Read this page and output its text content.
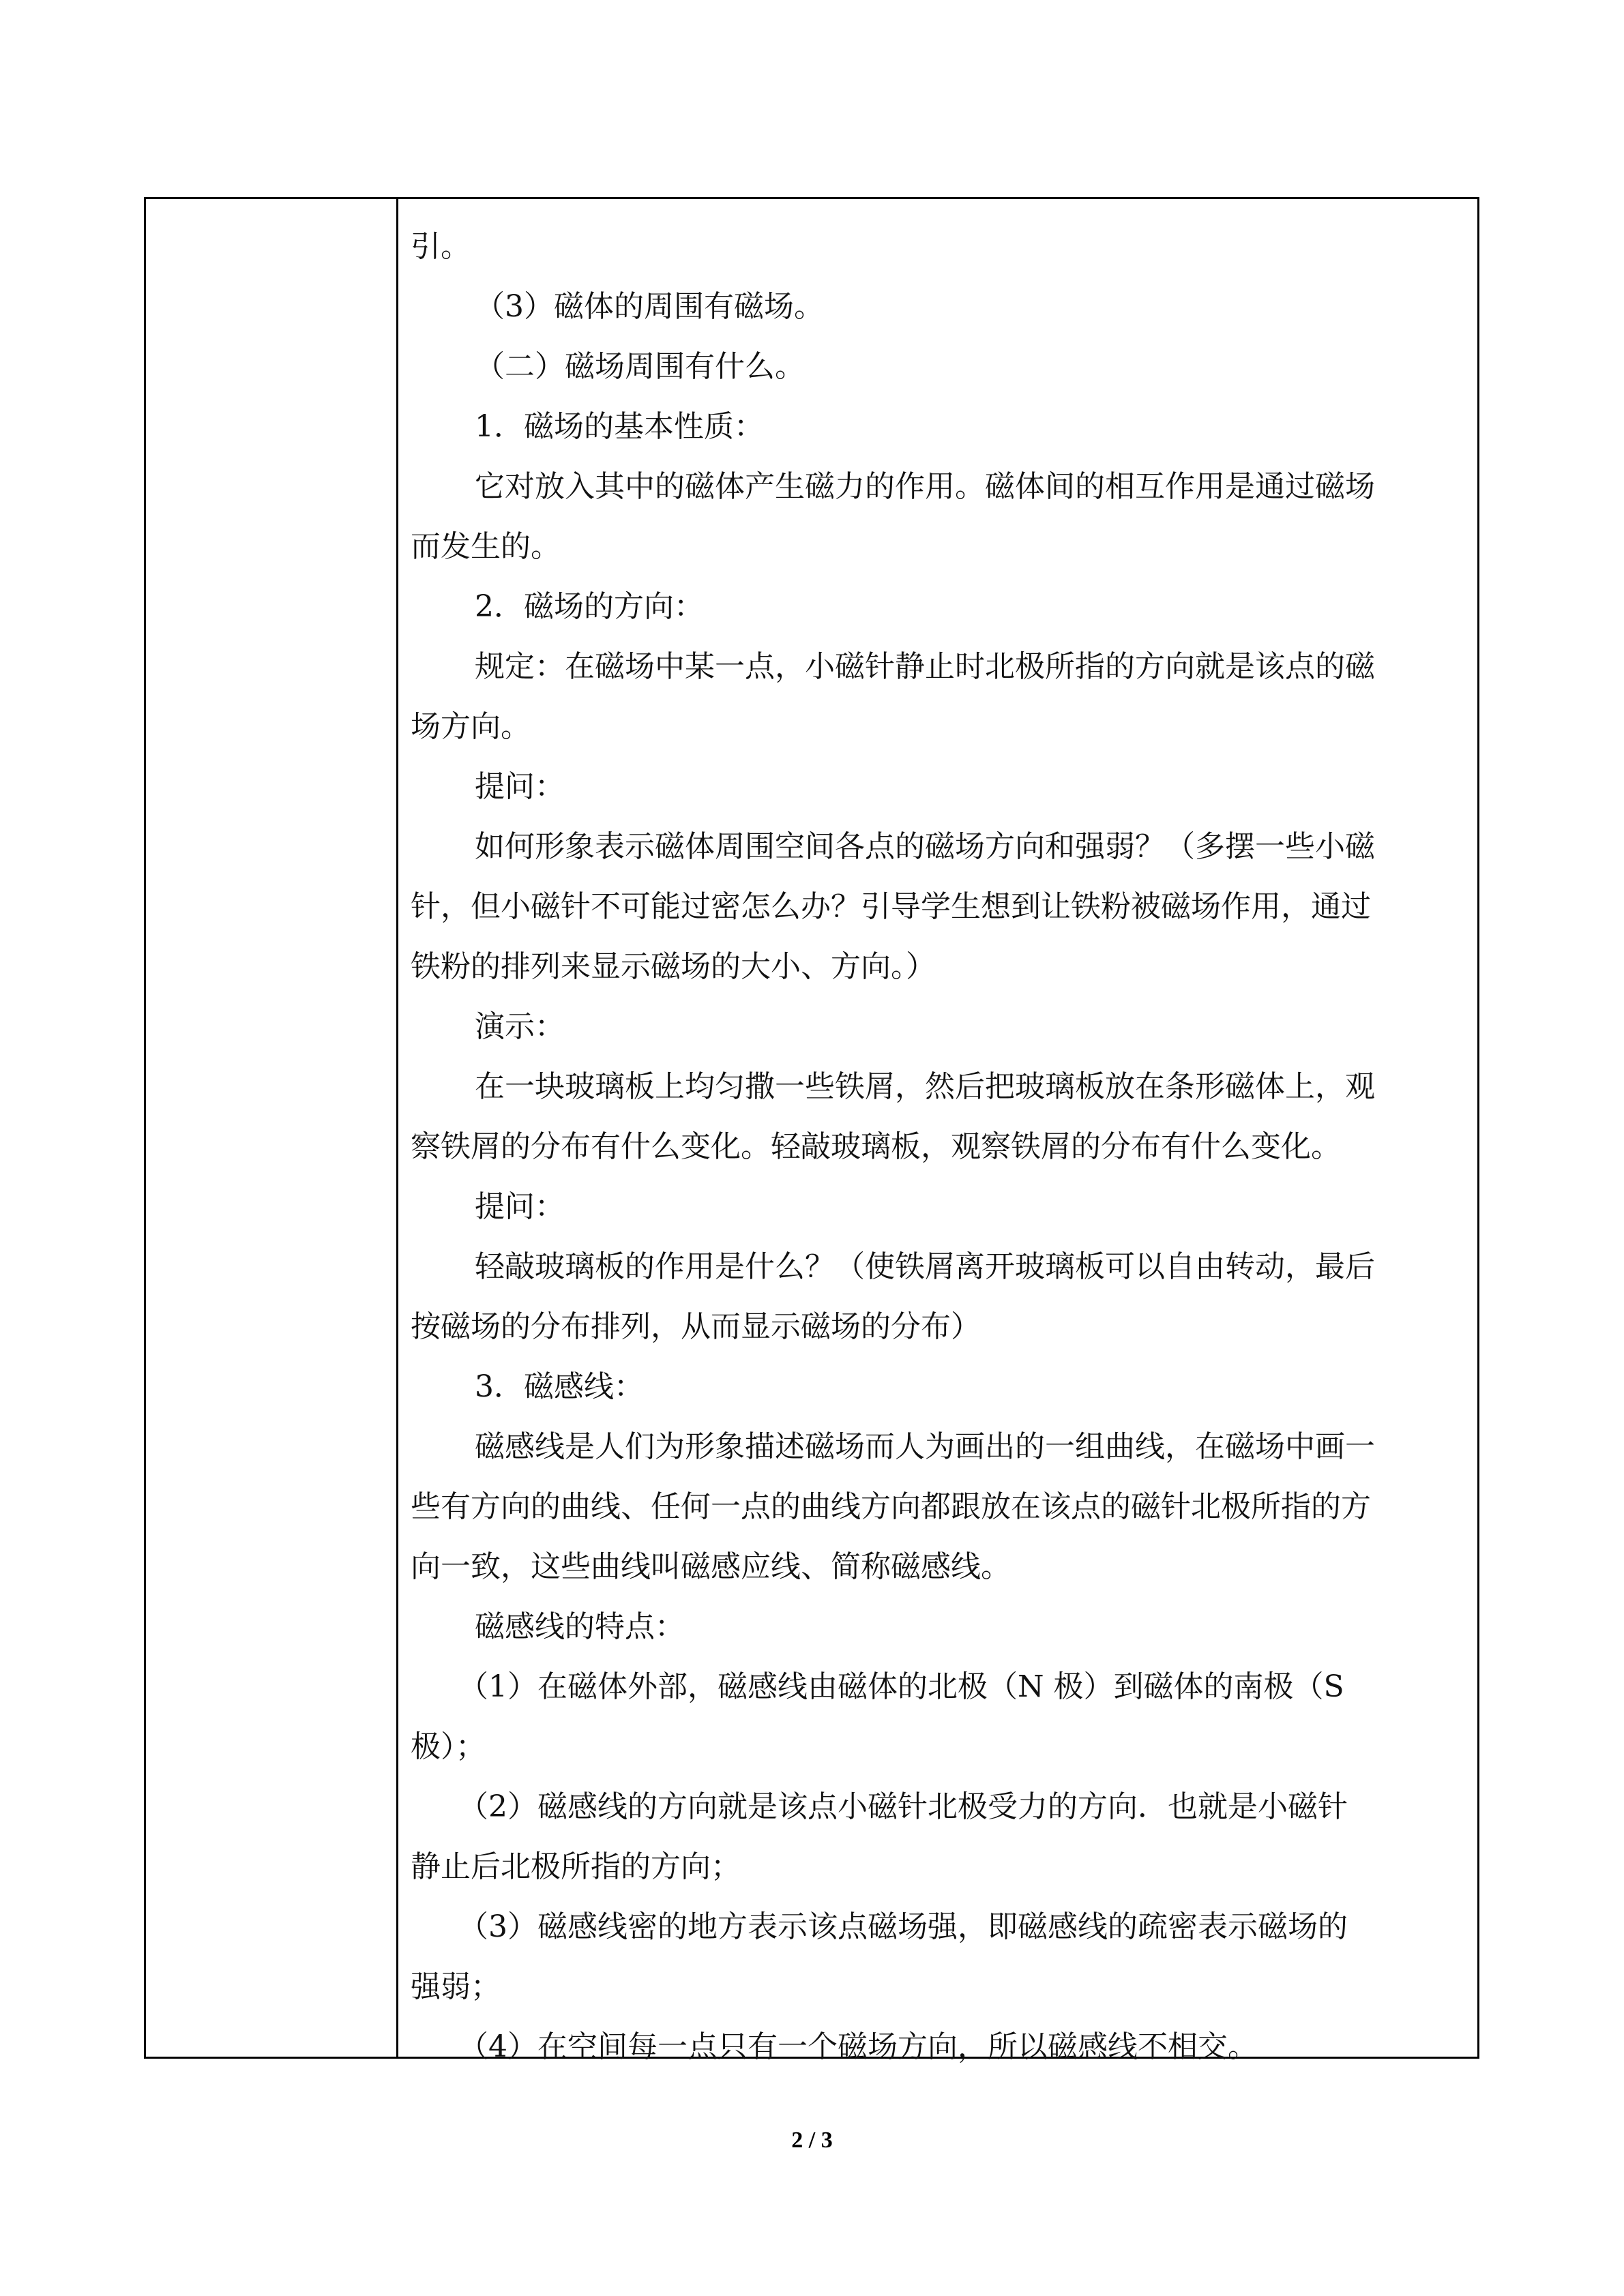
引。
（3）磁体的周围有磁场。
（二）磁场周围有什么。
1．磁场的基本性质：
它对放入其中的磁体产生磁力的作用。磁体间的相互作用是通过磁场
而发生的。
2．磁场的方向：
规定：在磁场中某一点，小磁针静止时北极所指的方向就是该点的磁
场方向。
提问：
如何形象表示磁体周围空间各点的磁场方向和强弱？（多摆一些小磁
针，但小磁针不可能过密怎么办？引导学生想到让铁粉被磁场作用，通过
铁粉的排列来显示磁场的大小、方向。）
演示：
在一块玻璃板上均匀撒一些铁屑，然后把玻璃板放在条形磁体上，观
察铁屑的分布有什么变化。轻敲玻璃板，观察铁屑的分布有什么变化。
提问：
轻敲玻璃板的作用是什么？（使铁屑离开玻璃板可以自由转动，最后
按磁场的分布排列，从而显示磁场的分布）
3．磁感线：
磁感线是人们为形象描述磁场而人为画出的一组曲线，在磁场中画一
些有方向的曲线、任何一点的曲线方向都跟放在该点的磁针北极所指的方
向一致，这些曲线叫磁感应线、简称磁感线。
磁感线的特点：
（1）在磁体外部，磁感线由磁体的北极（N 极）到磁体的南极（S
极）；
（2）磁感线的方向就是该点小磁针北极受力的方向．也就是小磁针
静止后北极所指的方向；
（3）磁感线密的地方表示该点磁场强，即磁感线的疏密表示磁场的
强弱；
（4）在空间每一点只有一个磁场方向，所以磁感线不相交。
2 / 3
